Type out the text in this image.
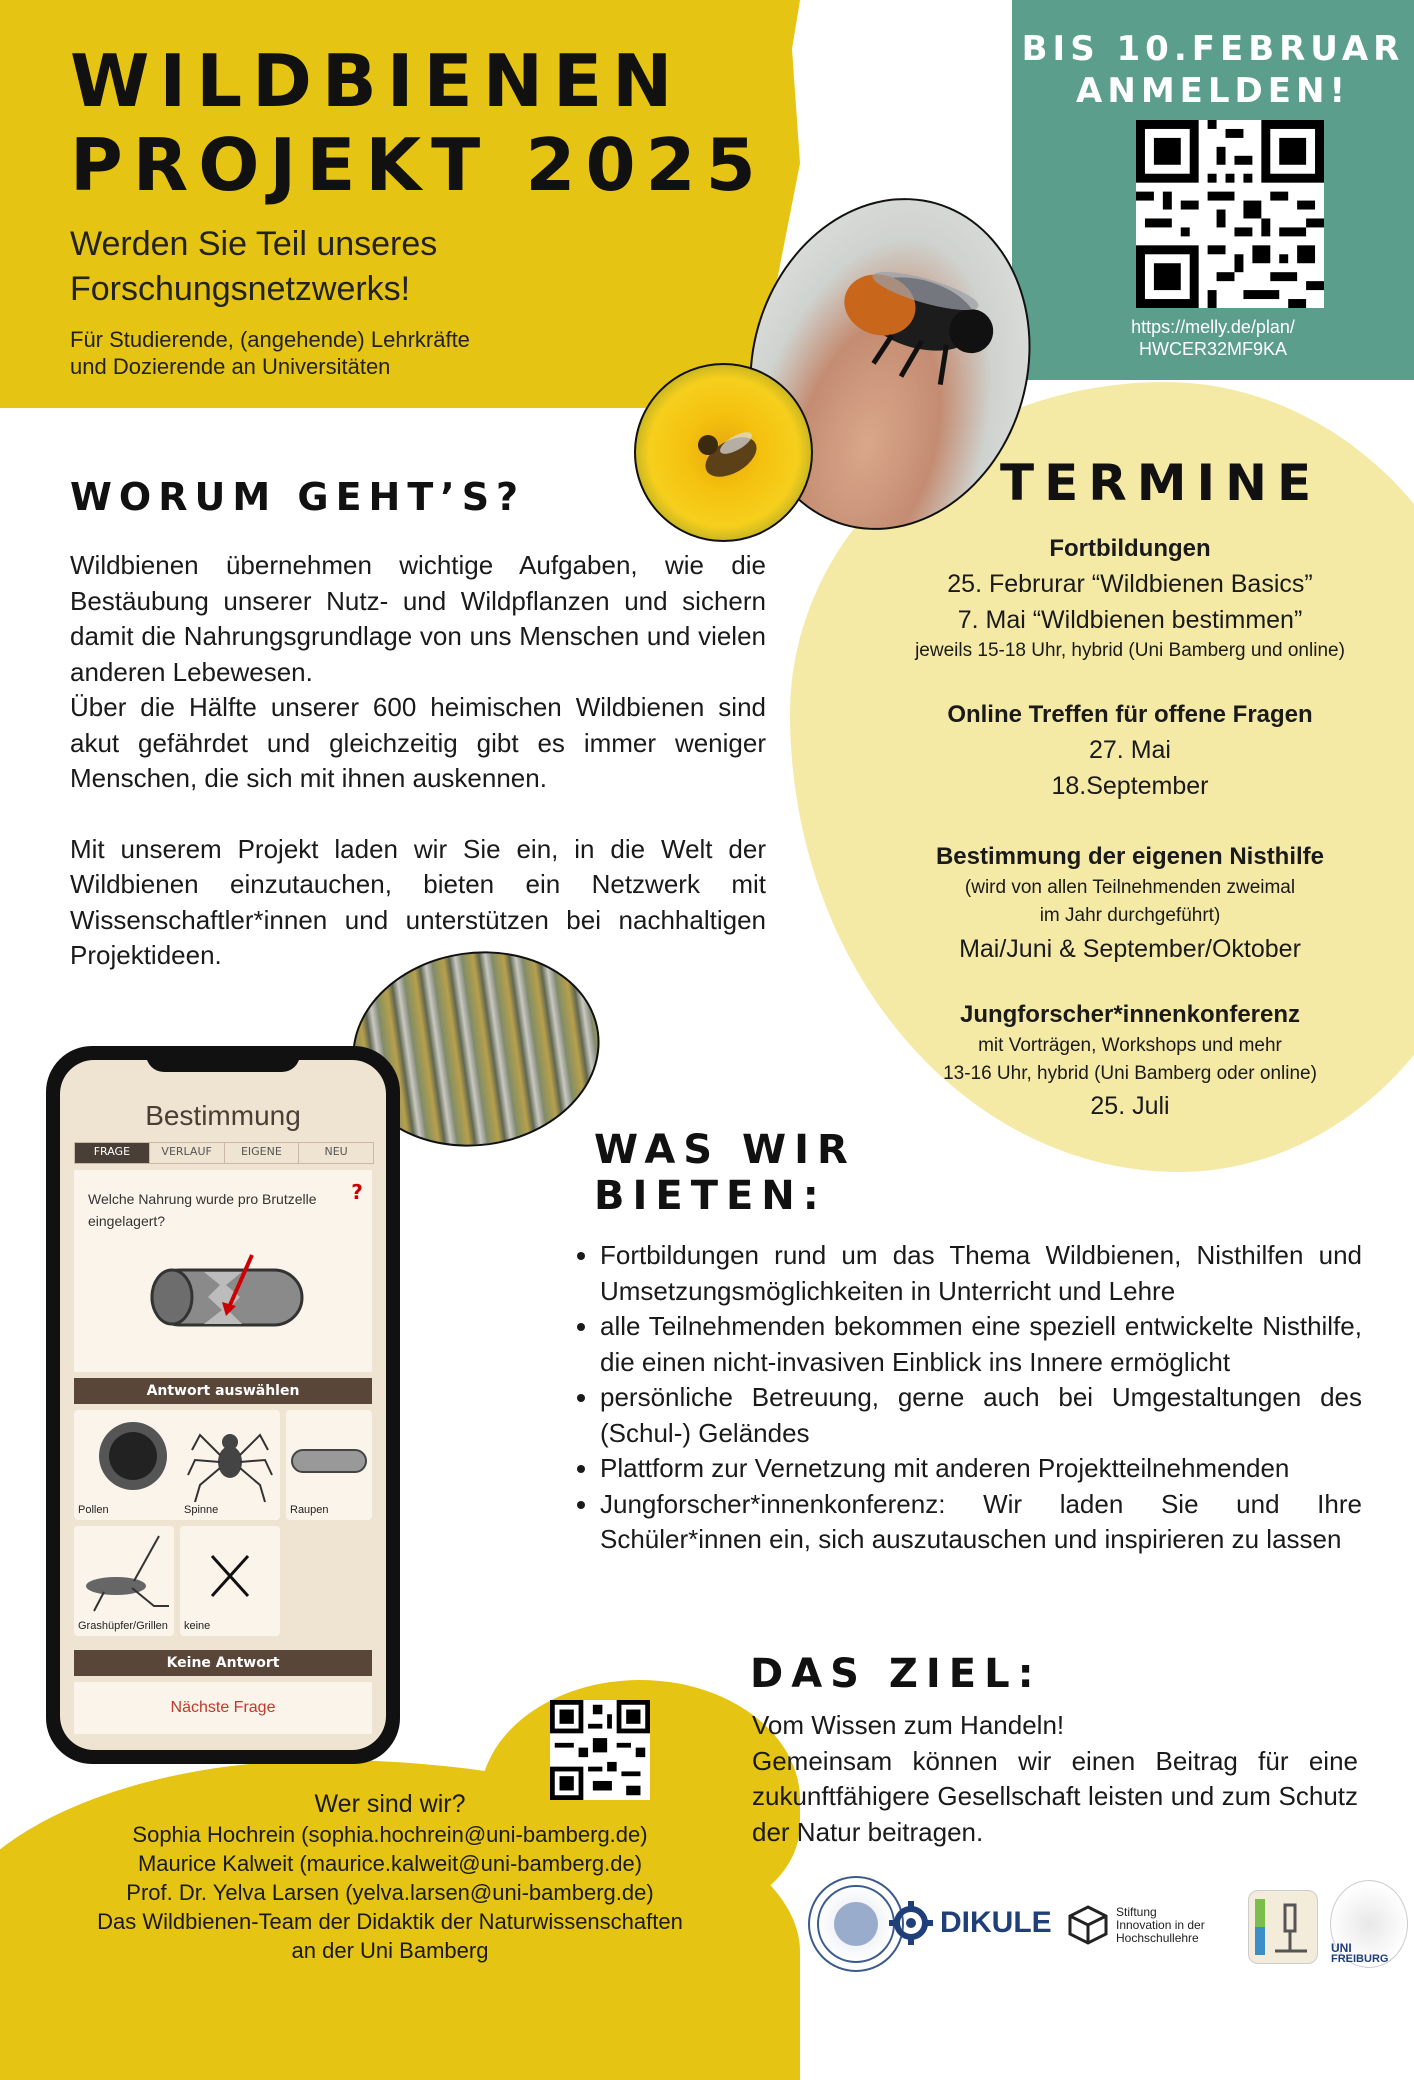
WILDBIENEN
PROJEKT 2025
Werden Sie Teil unseres
Forschungsnetzwerks!
Für Studierende, (angehende) Lehrkräfte
und Dozierende an Universitäten
BIS 10.FEBRUAR
ANMELDEN!
https://melly.de/plan/
HWCER32MF9KA
WORUM GEHT’S?
Wildbienen übernehmen wichtige Aufgaben, wie die Bestäubung unserer Nutz- und Wildpflanzen und sichern damit die Nahrungsgrundlage von uns Menschen und vielen anderen Lebewesen.
Über die Hälfte unserer 600 heimischen Wildbienen sind akut gefährdet und gleichzeitig gibt es immer weniger Menschen, die sich mit ihnen auskennen.
Mit unserem Projekt laden wir Sie ein, in die Welt der Wildbienen einzutauchen, bieten ein Netzwerk mit Wissenschaftler*innen und unterstützen bei nachhaltigen Projektideen.
TERMINE
Fortbildungen
25. Februrar “Wildbienen Basics”
7. Mai “Wildbienen bestimmen”
jeweils 15-18 Uhr, hybrid (Uni Bamberg und online)
Online Treffen für offene Fragen
27. Mai
18.September
Bestimmung der eigenen Nisthilfe
(wird von allen Teilnehmenden zweimal
im Jahr durchgeführt)
Mai/Juni & September/Oktober
Jungforscher*innenkonferenz
mit Vorträgen, Workshops und mehr
13-16 Uhr, hybrid (Uni Bamberg oder online)
25. Juli
WAS WIR
BIETEN:
• Fortbildungen rund um das Thema Wildbienen, Nisthilfen und Umsetzungsmöglichkeiten in Unterricht und Lehre
• alle Teilnehmenden bekommen eine speziell entwickelte Nisthilfe, die einen nicht-invasiven Einblick ins Innere ermöglicht
• persönliche Betreuung, gerne auch bei Umgestaltungen des (Schul-) Geländes
• Plattform zur Vernetzung mit anderen Projektteilnehmenden
• Jungforscher*innenkonferenz: Wir laden Sie und Ihre Schüler*innen ein, sich auszutauschen und inspirieren zu lassen
DAS ZIEL:
Vom Wissen zum Handeln!
Gemeinsam können wir einen Beitrag für eine zukunftfähigere Gesellschaft leisten und zum Schutz der Natur beitragen.
Bestimmung
FRAGE	VERLAUF	EIGENE	NEU
Welche Nahrung wurde pro Brutzelle eingelagert?
?
Antwort auswählen
Pollen	Spinne	Raupen
Grashüpfer/Grillen keine
Keine Antwort
Nächste Frage
Wer sind wir?
Sophia Hochrein (sophia.hochrein@uni-bamberg.de)
Maurice Kalweit (maurice.kalweit@uni-bamberg.de)
Prof. Dr. Yelva Larsen (yelva.larsen@uni-bamberg.de)
Das Wildbienen-Team der Didaktik der Naturwissenschaften
an der Uni Bamberg
DIKULE	Stiftung
Innovation in der
Hochschullehre
UNI
FREIBURG
